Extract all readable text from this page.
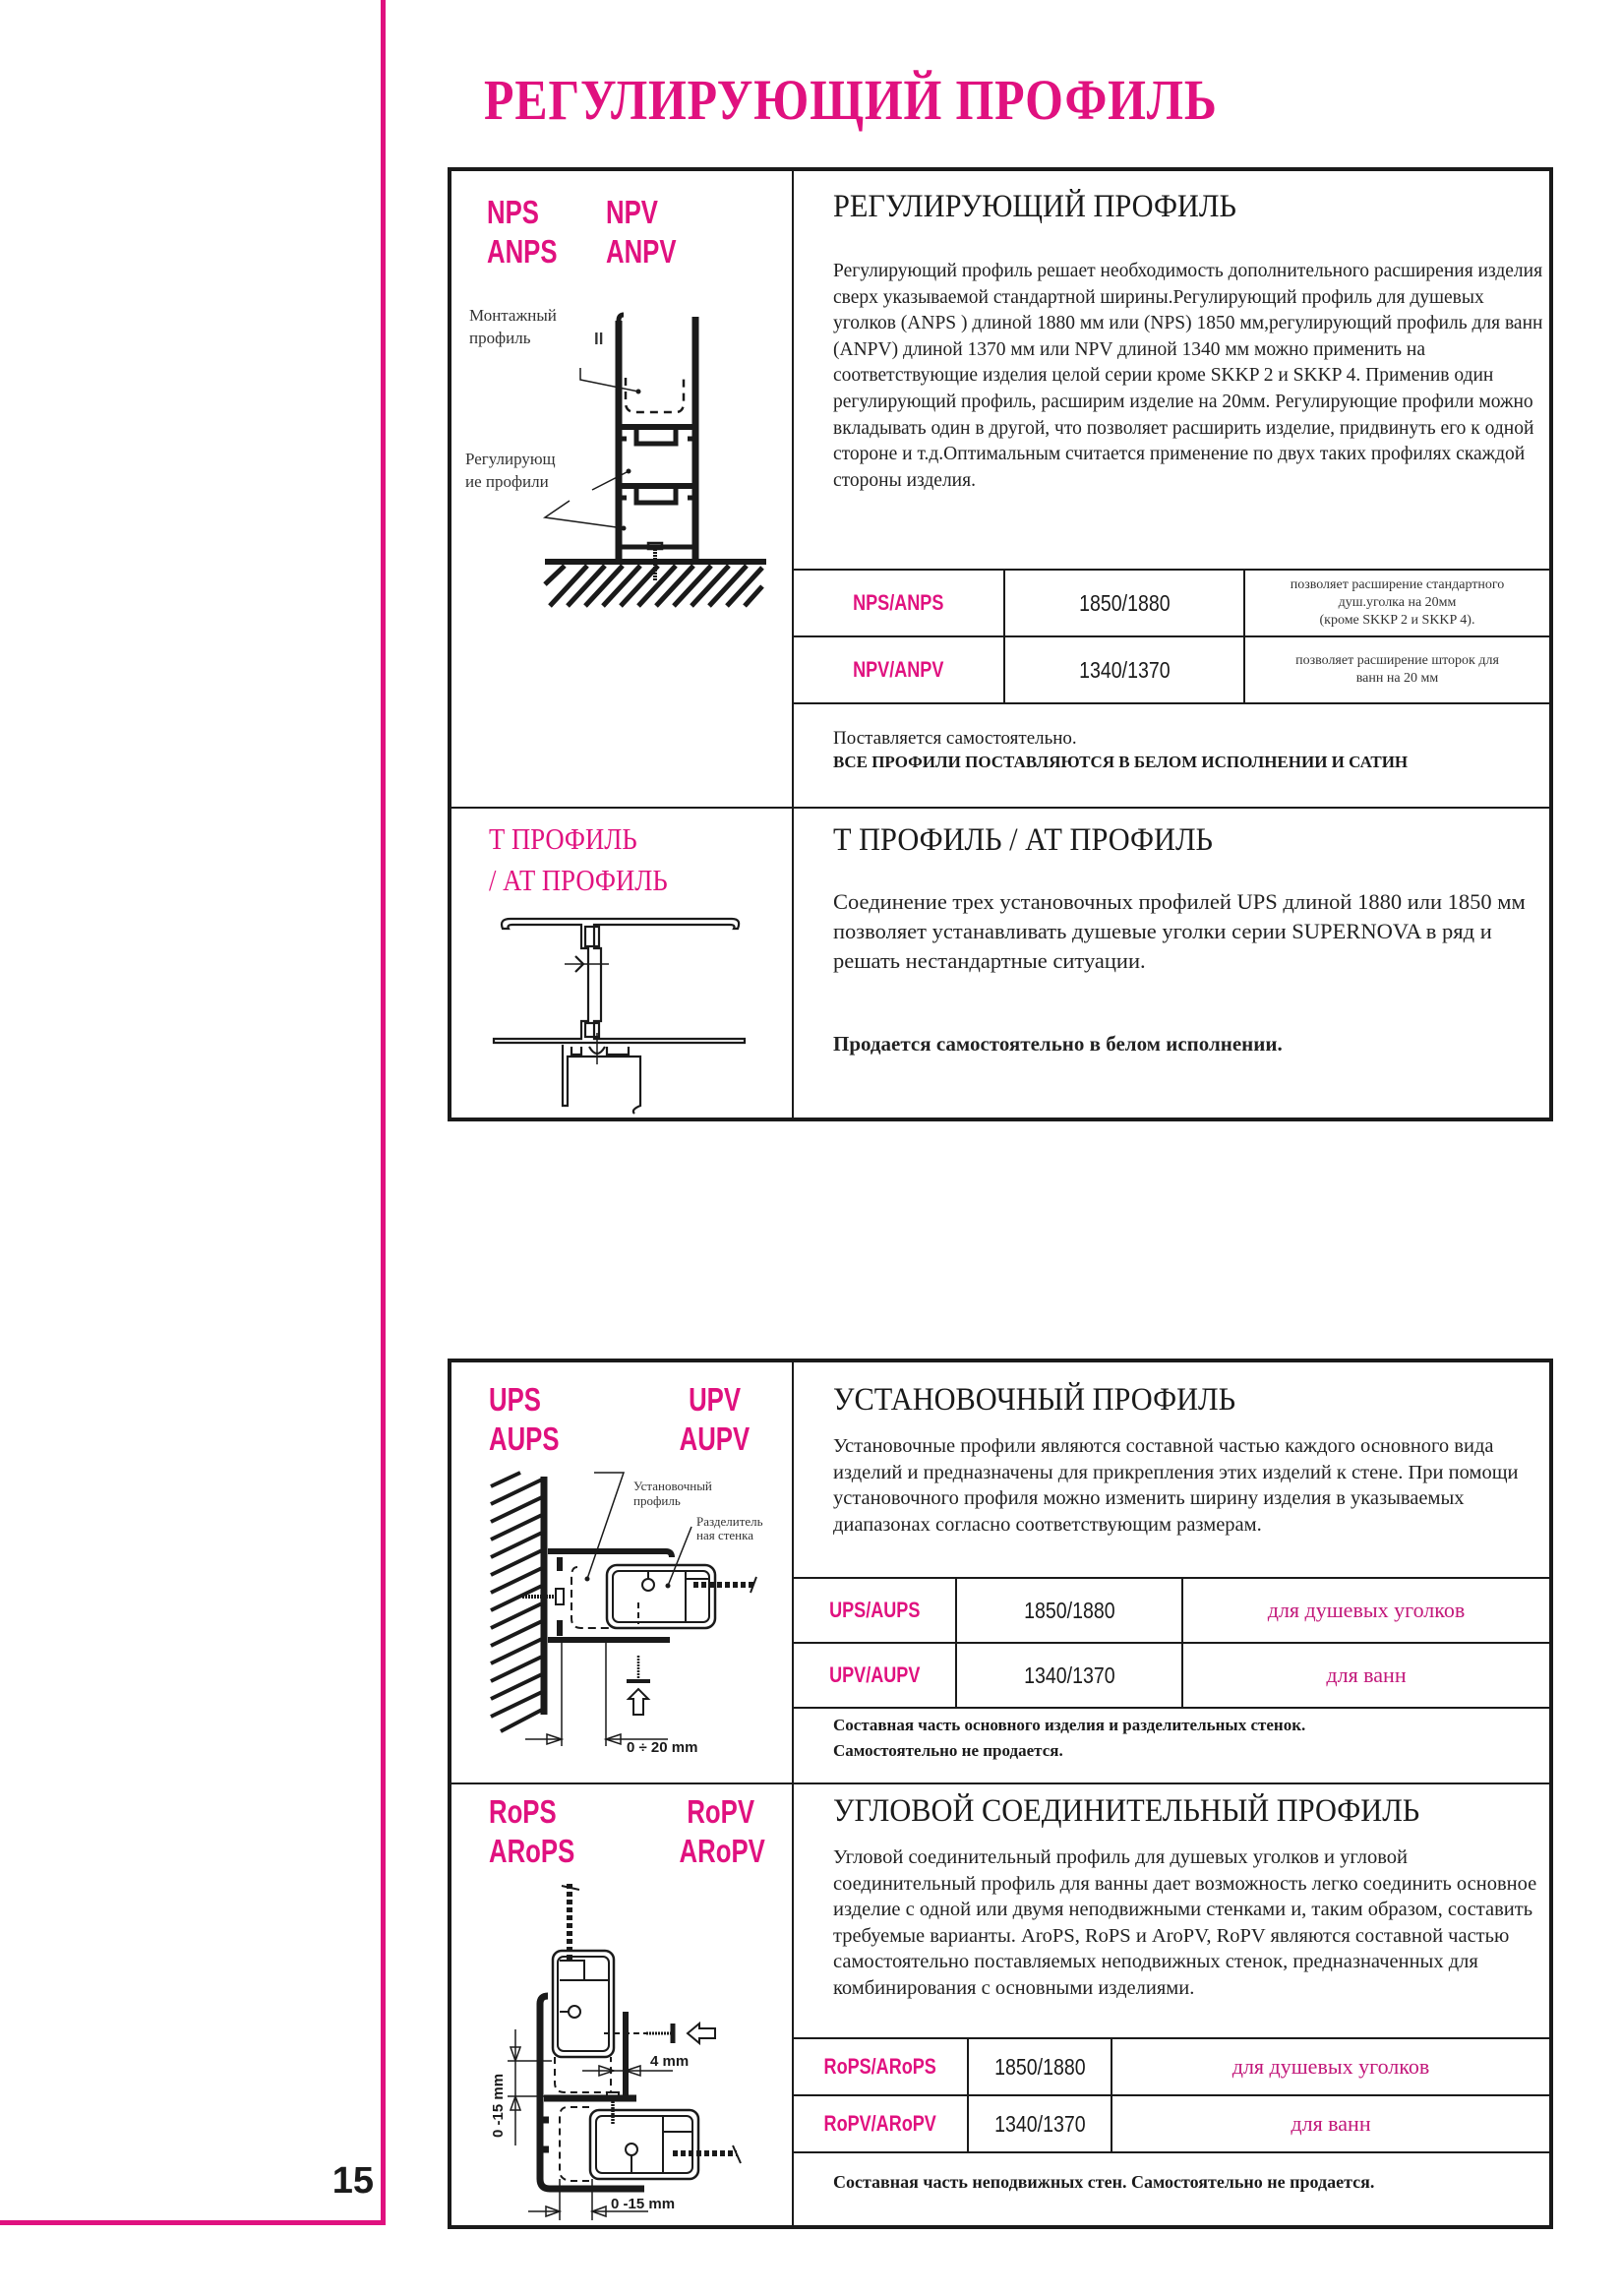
15
РЕГУЛИРУЮЩИЙ ПРОФИЛЬ
NPS
ANPS
NPV
ANPV
Монтажный
профиль	ll
Регулирующ
ие профили
РЕГУЛИРУЮЩИЙ ПРОФИЛЬ
Регулирующий профиль решает необходимость дополнительного расширения изделия сверх указываемой стандартной ширины.Регулирующий профиль для душевых уголков (ANPS ) длиной 1880 мм или (NPS) 1850 мм,регулирующий профиль для ванн (ANPV) длиной 1370 мм или NPV длиной 1340 мм можно применить на соответствующие изделия целой серии кроме SKKP 2 и SKKP 4. Применив один регулирующий профиль, расширим изделие на 20мм. Регулирующие профили можно вкладывать один в другой, что позволяет расширить изделие, придвинуть его к одной стороне и т.д.Оптимальным считается применение по двух таких профилях скаждой стороны изделия.
NPS/ANPS	1850/1880
позволяет расширение стандартного
душ.уголка на 20мм
(кроме SKKP 2 и SKKP 4).
NPV/ANPV	1340/1370	позволяет расширение шторок для
ванн на 20 мм
Поставляется самостоятельно.
ВСЕ ПРОФИЛИ ПОСТАВЛЯЮТСЯ В БЕЛОМ ИСПОЛНЕНИИ И САТИН
Т ПРОФИЛЬ
/ АТ ПРОФИЛЬ
Т ПРОФИЛЬ / АТ ПРОФИЛЬ
Соединение трех установочных профилей UPS длиной 1880 или 1850 мм позволяет устанавливать душевые уголки серии SUPERNOVA в ряд и решать нестандартные ситуации.
Продается самостоятельно в белом исполнении.
UPS
AUPS
UPV
AUPV
Установочный
профиль
Разделитель
ная стенка
0 ÷ 20 mm
УСТАНОВОЧНЫЙ ПРОФИЛЬ
Установочные профили являются составной частью каждого основного вида изделий и предназначены для прикрепления этих изделий к стене. При помощи установочного профиля можно изменить ширину изделия в указываемых диапазонах согласно соответствующим размерам.
UPS/AUPS	1850/1880	для душевых уголков
UPV/AUPV	1340/1370	для ванн
Составная часть основного изделия и разделительных стенок.
Самостоятельно не продается.
RoPS
ARoPS
RoPV
ARoPV
4 mm
0 -15 mm
0 -15 mm
УГЛОВОЙ СОЕДИНИТЕЛЬНЫЙ ПРОФИЛЬ
Угловой соединительный профиль для душевых уголков и угловой соединительный профиль для ванны дает возможность легко соединить основное изделие с одной или двумя неподвижными стенками и, таким образом, составить требуемые варианты. AroPS, RoPS и AroPV, RoPV являются составной частью самостоятельно поставляемых неподвижных стенок, предназначенных для комбинирования с основными изделиями.
RoPS/ARoPS	1850/1880	для душевых уголков
RoPV/ARoPV	1340/1370	для ванн
Составная часть неподвижных стен. Самостоятельно не продается.
